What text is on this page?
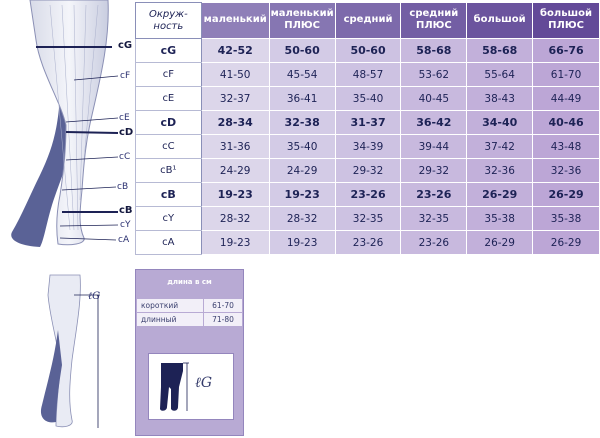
cG
cF
cE
cD
cC
cB
cB
cY
cA
Окруж-
ность	маленький	маленький ПЛЮС	средний	средний ПЛЮС	большой	большой ПЛЮС
cG	42-52	50-60	50-60	58-68	58-68	66-76
cF	41-50	45-54	48-57	53-62	55-64	61-70
cE	32-37	36-41	35-40	40-45	38-43	44-49
cD	28-34	32-38	31-37	36-42	34-40	40-46
cC	31-36	35-40	34-39	39-44	37-42	43-48
cB¹	24-29	24-29	29-32	29-32	32-36	32-36
cB	19-23	19-23	23-26	23-26	26-29	26-29
cY	28-32	28-32	32-35	32-35	35-38	35-38
cA	19-23	19-23	23-26	23-26	26-29	26-29
ℓG
длина в см
короткий	61-70
длинный	71-80
ℓG
